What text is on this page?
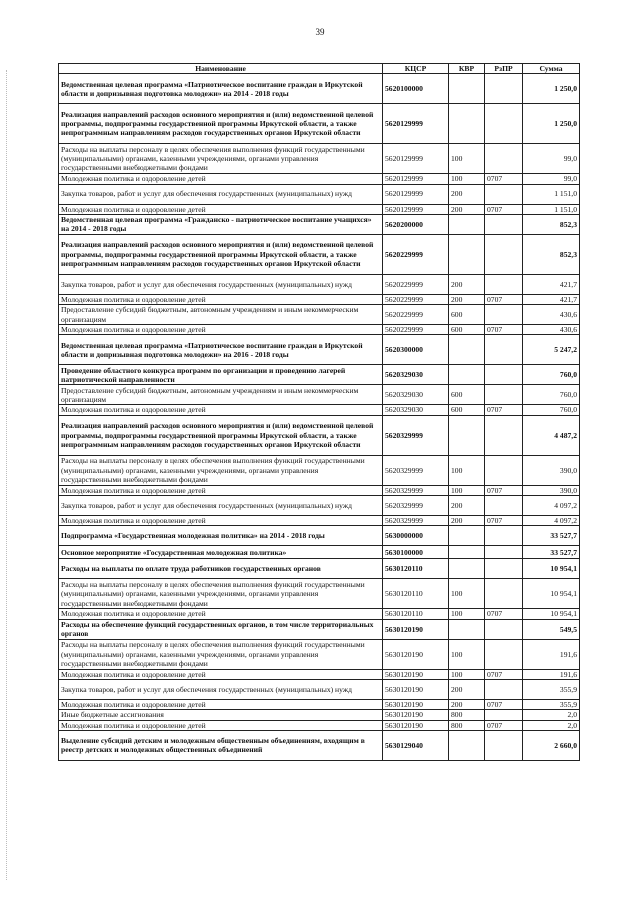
39
Наименование	КЦСР	КВР	РзПР	Сумма
Ведомственная целевая программа «Патриотическое воспитание граждан в Иркутской области и допризывная подготовка молодежи» на 2014 - 2018 годы	5620100000			1 250,0
Реализация направлений расходов основного мероприятия и (или) ведомственной целевой программы, подпрограммы государственной программы Иркутской области, а также непрограммным направлениям расходов государственных органов Иркутской области	5620129999			1 250,0
Расходы на выплаты персоналу в целях обеспечения выполнения функций государственными (муниципальными) органами, казенными учреждениями, органами управления государственными внебюджетными фондами	5620129999	100		99,0
Молодежная политика и оздоровление детей	5620129999	100	0707	99,0
Закупка товаров, работ и услуг для обеспечения государственных (муниципальных) нужд	5620129999	200		1 151,0
Молодежная политика и оздоровление детей	5620129999	200	0707	1 151,0
Ведомственная целевая программа «Гражданско - патриотическое воспитание учащихся» на 2014 - 2018 годы	5620200000			852,3
Реализация направлений расходов основного мероприятия и (или) ведомственной целевой программы, подпрограммы государственной программы Иркутской области, а также непрограммным направлениям расходов государственных органов Иркутской области	5620229999			852,3
Закупка товаров, работ и услуг для обеспечения государственных (муниципальных) нужд	5620229999	200		421,7
Молодежная политика и оздоровление детей	5620229999	200	0707	421,7
Предоставление субсидий бюджетным, автономным учреждениям и иным некоммерческим организациям	5620229999	600		430,6
Молодежная политика и оздоровление детей	5620229999	600	0707	430,6
Ведомственная целевая программа «Патриотическое воспитание граждан в Иркутской области и допризывная подготовка молодежи» на 2016 - 2018 годы	5620300000			5 247,2
Проведение областного конкурса программ по организации и проведению лагерей патриотической направленности	5620329030			760,0
Предоставление субсидий бюджетным, автономным учреждениям и иным некоммерческим организациям	5620329030	600		760,0
Молодежная политика и оздоровление детей	5620329030	600	0707	760,0
Реализация направлений расходов основного мероприятия и (или) ведомственной целевой программы, подпрограммы государственной программы Иркутской области, а также непрограммным направлениям расходов государственных органов Иркутской области	5620329999			4 487,2
Расходы на выплаты персоналу в целях обеспечения выполнения функций государственными (муниципальными) органами, казенными учреждениями, органами управления государственными внебюджетными фондами	5620329999	100		390,0
Молодежная политика и оздоровление детей	5620329999	100	0707	390,0
Закупка товаров, работ и услуг для обеспечения государственных (муниципальных) нужд	5620329999	200		4 097,2
Молодежная политика и оздоровление детей	5620329999	200	0707	4 097,2
Подпрограмма «Государственная молодежная политика» на 2014 - 2018 годы	5630000000			33 527,7
Основное мероприятие «Государственная молодежная политика»	5630100000			33 527,7
Расходы на выплаты по оплате труда работников государственных органов	5630120110			10 954,1
Расходы на выплаты персоналу в целях обеспечения выполнения функций государственными (муниципальными) органами, казенными учреждениями, органами управления государственными внебюджетными фондами	5630120110	100		10 954,1
Молодежная политика и оздоровление детей	5630120110	100	0707	10 954,1
Расходы на обеспечение функций государственных органов, в том числе территориальных органов	5630120190			549,5
Расходы на выплаты персоналу в целях обеспечения выполнения функций государственными (муниципальными) органами, казенными учреждениями, органами управления государственными внебюджетными фондами	5630120190	100		191,6
Молодежная политика и оздоровление детей	5630120190	100	0707	191,6
Закупка товаров, работ и услуг для обеспечения государственных (муниципальных) нужд	5630120190	200		355,9
Молодежная политика и оздоровление детей	5630120190	200	0707	355,9
Иные бюджетные ассигнования	5630120190	800		2,0
Молодежная политика и оздоровление детей	5630120190	800	0707	2,0
Выделение субсидий детским и молодежным общественным объединениям, входящим в реестр детских и молодежных общественных объединений	5630129040			2 660,0
